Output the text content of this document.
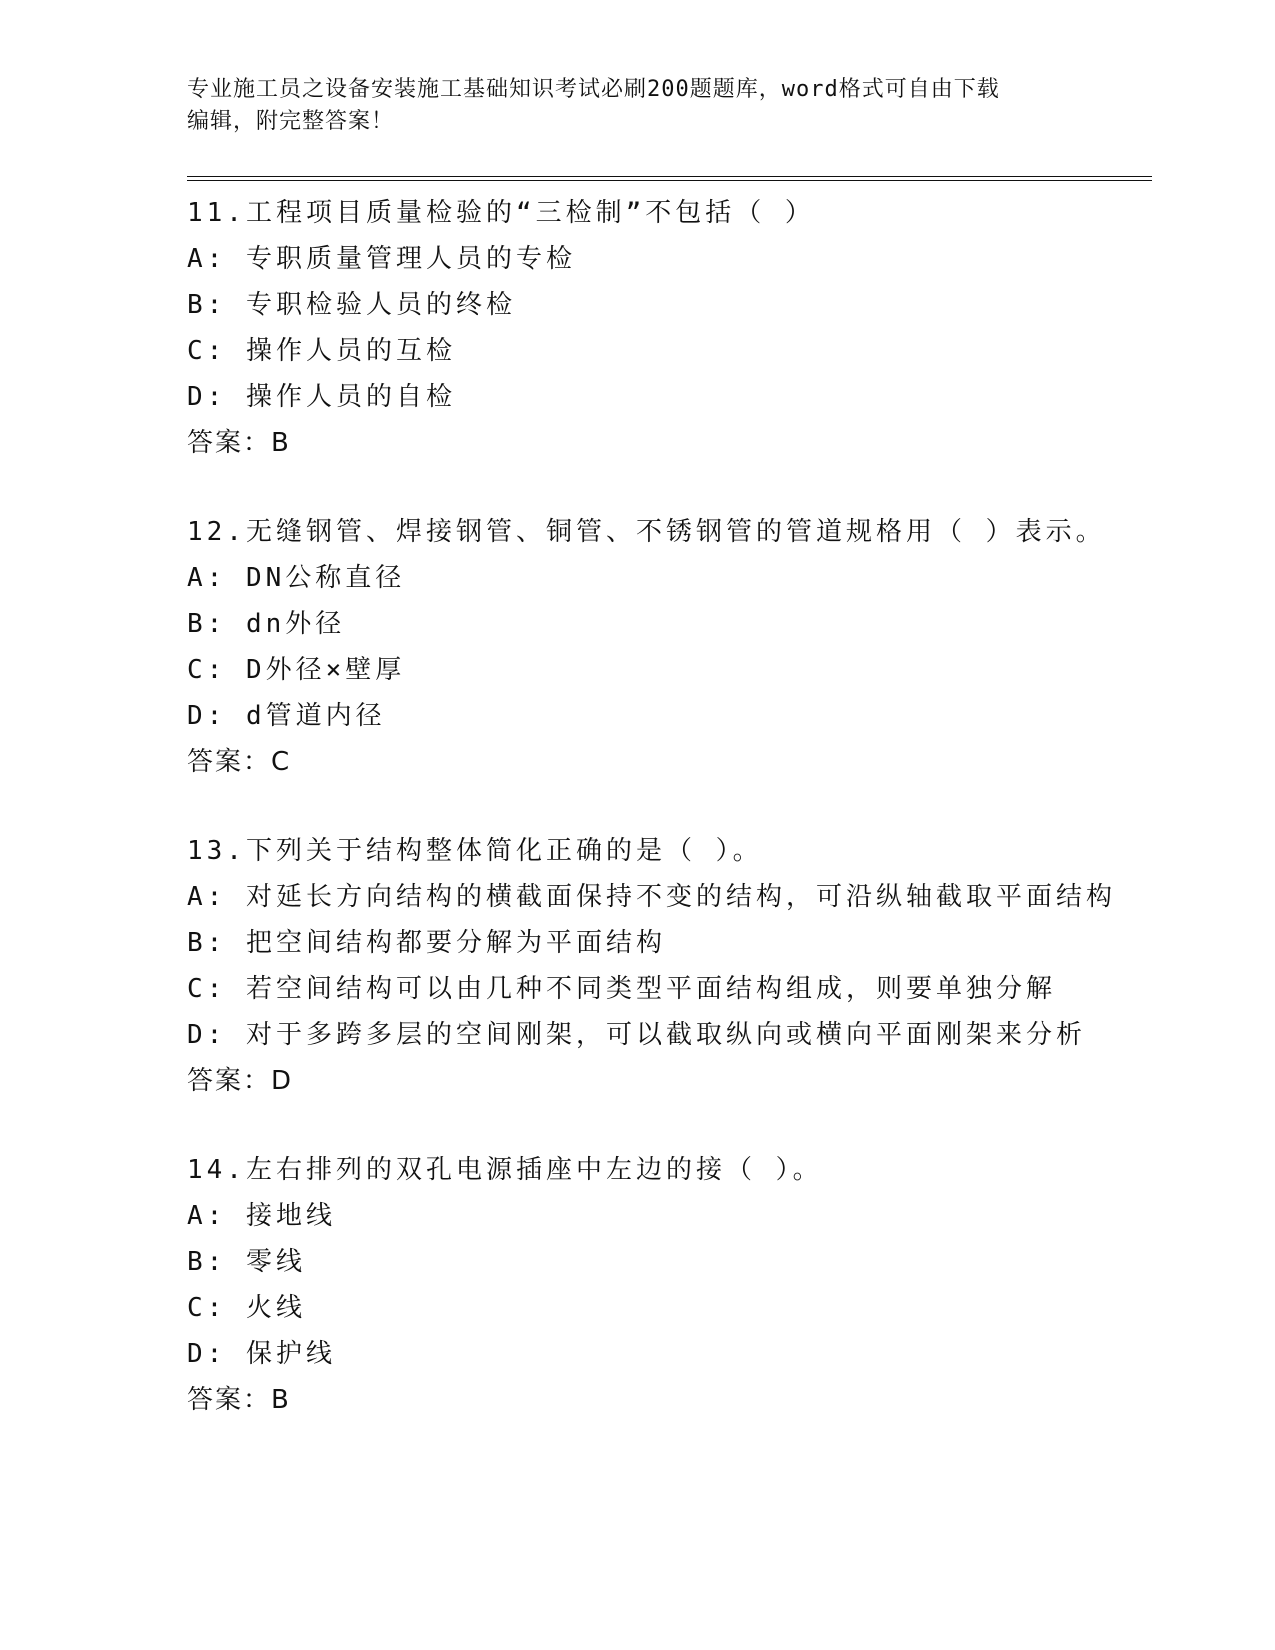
专业施工员之设备安装施工基础知识考试必刷200题题库，word格式可自由下载
编辑，附完整答案！
11.工程项目质量检验的“三检制”不包括（ ）
A: 专职质量管理人员的专检
B: 专职检验人员的终检
C: 操作人员的互检
D: 操作人员的自检
答案：B
12.无缝钢管、焊接钢管、铜管、不锈钢管的管道规格用（ ）表示。
A: DN公称直径
B: dn外径
C: D外径×壁厚
D: d管道内径
答案：C
13.下列关于结构整体简化正确的是（ ）。
A: 对延长方向结构的横截面保持不变的结构，可沿纵轴截取平面结构
B: 把空间结构都要分解为平面结构
C: 若空间结构可以由几种不同类型平面结构组成，则要单独分解
D: 对于多跨多层的空间刚架，可以截取纵向或横向平面刚架来分析
答案：D
14.左右排列的双孔电源插座中左边的接（ ）。
A: 接地线
B: 零线
C: 火线
D: 保护线
答案：B
